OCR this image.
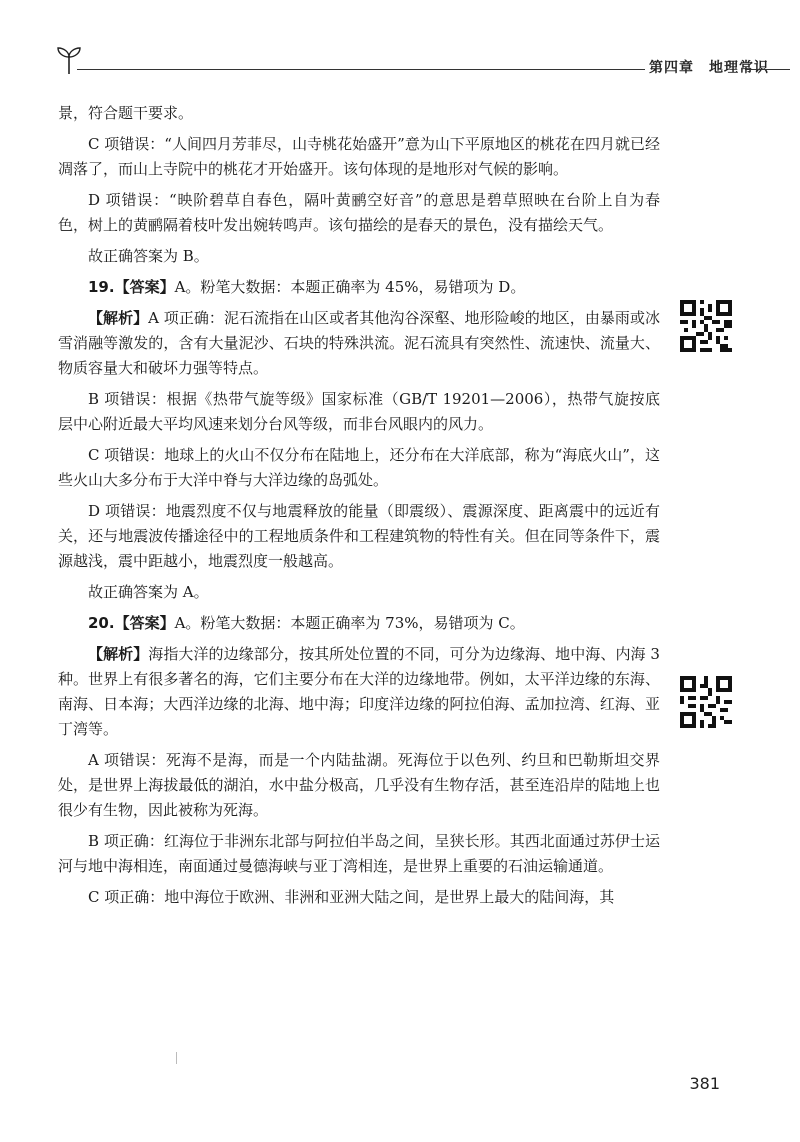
第四章　地理常识

景，符合题干要求。

C 项错误：“人间四月芳菲尽，山寺桃花始盛开”意为山下平原地区的桃花在四月就已经凋落了，而山上寺院中的桃花才开始盛开。该句体现的是地形对气候的影响。

D 项错误：“映阶碧草自春色，隔叶黄鹂空好音”的意思是碧草照映在台阶上自为春色，树上的黄鹂隔着枝叶发出婉转鸣声。该句描绘的是春天的景色，没有描绘天气。

故正确答案为 B。

19.【答案】A。粉笔大数据：本题正确率为 45%，易错项为 D。

【解析】A 项正确：泥石流指在山区或者其他沟谷深壑、地形险峻的地区，由暴雨或冰雪消融等激发的，含有大量泥沙、石块的特殊洪流。泥石流具有突然性、流速快、流量大、物质容量大和破坏力强等特点。

B 项错误：根据《热带气旋等级》国家标准（GB/T 19201—2006），热带气旋按底层中心附近最大平均风速来划分台风等级，而非台风眼内的风力。

C 项错误：地球上的火山不仅分布在陆地上，还分布在大洋底部，称为“海底火山”，这些火山大多分布于大洋中脊与大洋边缘的岛弧处。

D 项错误：地震烈度不仅与地震释放的能量（即震级）、震源深度、距离震中的远近有关，还与地震波传播途径中的工程地质条件和工程建筑物的特性有关。但在同等条件下，震源越浅，震中距越小，地震烈度一般越高。

故正确答案为 A。

20.【答案】A。粉笔大数据：本题正确率为 73%，易错项为 C。

【解析】海指大洋的边缘部分，按其所处位置的不同，可分为边缘海、地中海、内海 3 种。世界上有很多著名的海，它们主要分布在大洋的边缘地带。例如，太平洋边缘的东海、南海、日本海；大西洋边缘的北海、地中海；印度洋边缘的阿拉伯海、孟加拉湾、红海、亚丁湾等。

A 项错误：死海不是海，而是一个内陆盐湖。死海位于以色列、约旦和巴勒斯坦交界处，是世界上海拔最低的湖泊，水中盐分极高，几乎没有生物存活，甚至连沿岸的陆地上也很少有生物，因此被称为死海。

B 项正确：红海位于非洲东北部与阿拉伯半岛之间，呈狭长形。其西北面通过苏伊士运河与地中海相连，南面通过曼德海峡与亚丁湾相连，是世界上重要的石油运输通道。

C 项正确：地中海位于欧洲、非洲和亚洲大陆之间，是世界上最大的陆间海，其

381
